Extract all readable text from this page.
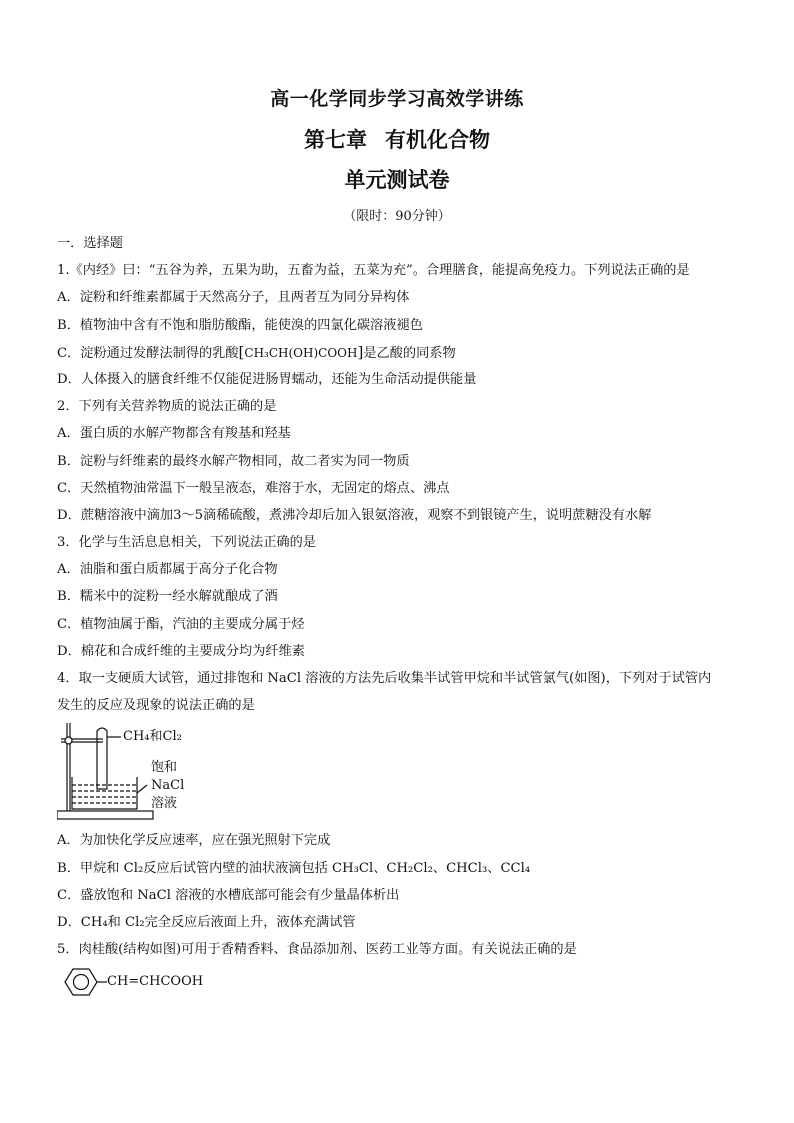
高一化学同步学习高效学讲练
第七章 有机化合物
单元测试卷
（限时：90分钟）
一．选择题
1.《内经》曰：“五谷为养，五果为助，五畜为益，五菜为充”。合理膳食，能提高免疫力。下列说法正确的是
A．淀粉和纤维素都属于天然高分子，且两者互为同分异构体
B．植物油中含有不饱和脂肪酸酯，能使溴的四氯化碳溶液褪色
C．淀粉通过发酵法制得的乳酸[CH₃CH(OH)COOH]是乙酸的同系物
D．人体摄入的膳食纤维不仅能促进肠胃蠕动，还能为生命活动提供能量
2．下列有关营养物质的说法正确的是
A．蛋白质的水解产物都含有羧基和羟基
B．淀粉与纤维素的最终水解产物相同，故二者实为同一物质
C．天然植物油常温下一般呈液态，难溶于水，无固定的熔点、沸点
D．蔗糖溶液中滴加3～5滴稀硫酸，煮沸冷却后加入银氨溶液，观察不到银镜产生，说明蔗糖没有水解
3．化学与生活息息相关，下列说法正确的是
A．油脂和蛋白质都属于高分子化合物
B．糯米中的淀粉一经水解就酿成了酒
C．植物油属于酯，汽油的主要成分属于烃
D．棉花和合成纤维的主要成分均为纤维素
4．取一支硬质大试管，通过排饱和 NaCl 溶液的方法先后收集半试管甲烷和半试管氯气(如图)，下列对于试管内
发生的反应及现象的说法正确的是
CH₄和Cl₂
饱和
NaCl
溶液
A．为加快化学反应速率，应在强光照射下完成
B．甲烷和 Cl₂反应后试管内壁的油状液滴包括 CH₃Cl、CH₂Cl₂、CHCl₃、CCl₄
C．盛放饱和 NaCl 溶液的水槽底部可能会有少量晶体析出
D．CH₄和 Cl₂完全反应后液面上升，液体充满试管
5．肉桂酸(结构如图)可用于香精香料、食品添加剂、医药工业等方面。有关说法正确的是
CH=CHCOOH
